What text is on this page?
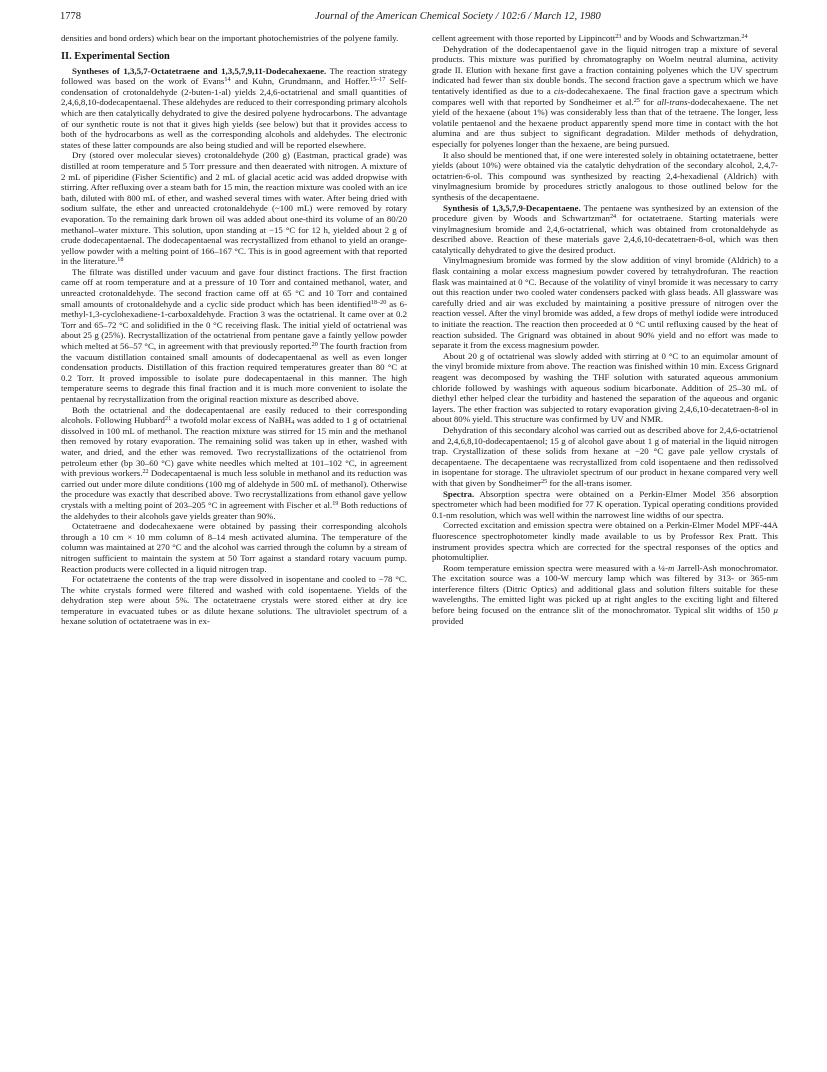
1778	Journal of the American Chemical Society / 102:6 / March 12, 1980

densities and bond orders) which bear on the important photochemistries of the polyene family.

II. Experimental Section

Syntheses of 1,3,5,7-Octatetraene and 1,3,5,7,9,11-Dodecahexaene. The reaction strategy followed was based on the work of Evans$^{14}$ and Kuhn, Grundmann, and Hoffer.$^{15-17}$ Self-condensation of crotonaldehyde (2-buten-1-al) yields 2,4,6-octatrienal and small quantities of 2,4,6,8,10-dodecapentaenal. These aldehydes are reduced to their corresponding primary alcohols which are then catalytically dehydrated to give the desired polyene hydrocarbons. The advantage of our synthetic route is not that it gives high yields (see below) but that it provides access to both of the hydrocarbons as well as the corresponding alcohols and aldehydes. The electronic states of these latter compounds are also being studied and will be reported elsewhere.

Dry (stored over molecular sieves) crotonaldehyde (200 g) (Eastman, practical grade) was distilled at room temperature and 5 Torr pressure and then deaerated with nitrogen. A mixture of 2 mL of piperidine (Fisher Scientific) and 2 mL of glacial acetic acid was added dropwise with stirring. After refluxing over a steam bath for 15 min, the reaction mixture was cooled with an ice bath, diluted with 800 mL of ether, and washed several times with water. After being dried with sodium sulfate, the ether and unreacted crotonaldehyde (~100 mL) were removed by rotary evaporation. To the remaining dark brown oil was added about one-third its volume of an 80/20 methanol–water mixture. This solution, upon standing at −15 °C for 12 h, yielded about 2 g of crude dodecapentaenal. The dodecapentaenal was recrystallized from ethanol to yield an orange-yellow powder with a melting point of 166–167 °C. This is in good agreement with that reported in the literature.$^{18}$

The filtrate was distilled under vacuum and gave four distinct fractions. The first fraction came off at room temperature and at a pressure of 10 Torr and contained methanol, water, and unreacted crotonaldehyde. The second fraction came off at 65 °C and 10 Torr and contained small amounts of crotonaldehyde and a cyclic side product which has been identified$^{18-20}$ as 6-methyl-1,3-cyclohexadiene-1-carboxaldehyde. Fraction 3 was the octatrienal. It came over at 0.2 Torr and 65–72 °C and solidified in the 0 °C receiving flask. The initial yield of octatrienal was about 25 g (25%). Recrystallization of the octatrienal from pentane gave a faintly yellow powder which melted at 56–57 °C, in agreement with that previously reported.$^{20}$ The fourth fraction from the vacuum distillation contained small amounts of dodecapentaenal as well as even longer condensation products. Distillation of this fraction required temperatures greater than 80 °C at 0.2 Torr. It proved impossible to isolate pure dodecapentaenal in this manner. The high temperature seems to degrade this final fraction and it is much more convenient to isolate the pentaenal by recrystallization from the original reaction mixture as described above.

Both the octatrienal and the dodecapentaenal are easily reduced to their corresponding alcohols. Following Hubbard$^{21}$ a twofold molar excess of NaBH$_4$ was added to 1 g of octatrienal dissolved in 100 mL of methanol. The reaction mixture was stirred for 15 min and the methanol then removed by rotary evaporation. The remaining solid was taken up in ether, washed with water, and dried, and the ether was removed. Two recrystallizations of the octatrienol from petroleum ether (bp 30–60 °C) gave white needles which melted at 101–102 °C, in agreement with previous workers.$^{22}$ Dodecapentaenal is much less soluble in methanol and its reduction was carried out under more dilute conditions (100 mg of aldehyde in 500 mL of methanol). Otherwise the procedure was exactly that described above. Two recrystallizations from ethanol gave yellow crystals with a melting point of 203–205 °C in agreement with Fischer et al.$^{19}$ Both reductions of the aldehydes to their alcohols gave yields greater than 90%.

Octatetraene and dodecahexaene were obtained by passing their corresponding alcohols through a 10 cm × 10 mm column of 8–14 mesh activated alumina. The temperature of the column was maintained at 270 °C and the alcohol was carried through the column by a stream of nitrogen sufficient to maintain the system at 50 Torr against a standard rotary vacuum pump. Reaction products were collected in a liquid nitrogen trap.

For octatetraene the contents of the trap were dissolved in isopentane and cooled to −78 °C. The white crystals formed were filtered and washed with cold isopentaene. Yields of the dehydration step were about 5%. The octatetraene crystals were stored either at dry ice temperature in evacuated tubes or as dilute hexane solutions. The ultraviolet spectrum of a hexane solution of octatetraene was in ex-

cellent agreement with those reported by Lippincott$^{23}$ and by Woods and Schwartzman.$^{24}$

Dehydration of the dodecapentaenol gave in the liquid nitrogen trap a mixture of several products. This mixture was purified by chromatography on Woelm neutral alumina, activity grade II. Elution with hexane first gave a fraction containing polyenes which the UV spectrum indicated had fewer than six double bonds. The second fraction gave a spectrum which we have tentatively identified as due to a cis-dodecahexaene. The final fraction gave a spectrum which compares well with that reported by Sondheimer et al.$^{25}$ for all-trans-dodecahexaene. The net yield of the hexaene (about 1%) was considerably less than that of the tetraene. The longer, less volatile pentaenol and the hexaene product apparently spend more time in contact with the hot alumina and are thus subject to significant degradation. Milder methods of dehydration, especially for polyenes longer than the hexaene, are being pursued.

It also should be mentioned that, if one were interested solely in obtaining octatetraene, better yields (about 10%) were obtained via the catalytic dehydration of the secondary alcohol, 2,4,7-octatrien-6-ol. This compound was synthesized by reacting 2,4-hexadienal (Aldrich) with vinylmagnesium bromide by procedures strictly analogous to those outlined below for the synthesis of the decapentaene.

Synthesis of 1,3,5,7,9-Decapentaene. The pentaene was synthesized by an extension of the procedure given by Woods and Schwartzman$^{24}$ for octatetraene. Starting materials were vinylmagnesium bromide and 2,4,6-octatrienal, which was obtained from crotonaldehyde as described above. Reaction of these materials gave 2,4,6,10-decatetraen-8-ol, which was then catalytically dehydrated to give the desired product.

Vinylmagnesium bromide was formed by the slow addition of vinyl bromide (Aldrich) to a flask containing a molar excess magnesium powder covered by tetrahydrofuran. The reaction flask was maintained at 0 °C. Because of the volatility of vinyl bromide it was necessary to carry out this reaction under two cooled water condensers packed with glass beads. All glassware was carefully dried and air was excluded by maintaining a positive pressure of nitrogen over the reaction vessel. After the vinyl bromide was added, a few drops of methyl iodide were introduced to initiate the reaction. The reaction then proceeded at 0 °C until refluxing caused by the heat of reaction subsided. The Grignard was obtained in about 90% yield and no effort was made to separate it from the excess magnesium powder.

About 20 g of octatrienal was slowly added with stirring at 0 °C to an equimolar amount of the vinyl bromide mixture from above. The reaction was finished within 10 min. Excess Grignard reagent was decomposed by washing the THF solution with saturated aqueous ammonium chloride followed by washings with aqueous sodium bicarbonate. Addition of 25–30 mL of diethyl ether helped clear the turbidity and hastened the separation of the aqueous and organic layers. The ether fraction was subjected to rotary evaporation giving 2,4,6,10-decatetraen-8-ol in about 80% yield. This structure was confirmed by UV and NMR.

Dehydration of this secondary alcohol was carried out as described above for 2,4,6-octatrienol and 2,4,6,8,10-dodecapentaenol; 15 g of alcohol gave about 1 g of material in the liquid nitrogen trap. Crystallization of these solids from hexane at −20 °C gave pale yellow crystals of decapentaene. The decapentaene was recrystallized from cold isopentaene and then redissolved in isopentane for storage. The ultraviolet spectrum of our product in hexane compared very well with that given by Sondheimer$^{25}$ for the all-trans isomer.

Spectra. Absorption spectra were obtained on a Perkin-Elmer Model 356 absorption spectrometer which had been modified for 77 K operation. Typical operating conditions provided 0.1-nm resolution, which was well within the narrowest line widths of our spectra.

Corrected excitation and emission spectra were obtained on a Perkin-Elmer Model MPF-44A fluorescence spectrophotometer kindly made available to us by Professor Rex Pratt. This instrument provides spectra which are corrected for the spectral responses of the optics and photomultiplier.

Room temperature emission spectra were measured with a ¼-m Jarrell-Ash monochromator. The excitation source was a 100-W mercury lamp which was filtered by 313- or 365-nm interference filters (Ditric Optics) and additional glass and solution filters suitable for these wavelengths. The emitted light was picked up at right angles to the exciting light and filtered before being focused on the entrance slit of the monochromator. Typical slit widths of 150 μ provided
